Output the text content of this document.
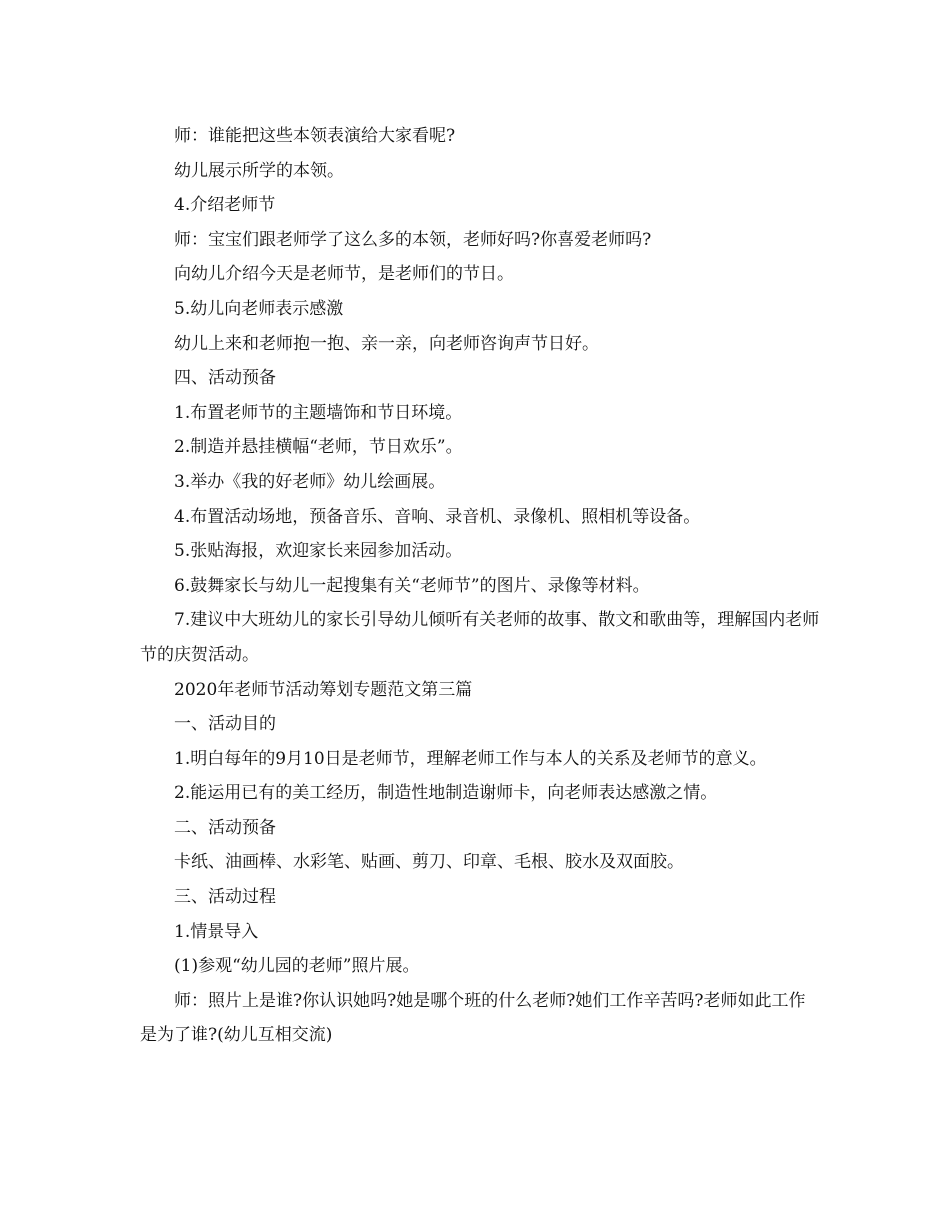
师：谁能把这些本领表演给大家看呢?

幼儿展示所学的本领。

4.介绍老师节

师：宝宝们跟老师学了这么多的本领，老师好吗?你喜爱老师吗?

向幼儿介绍今天是老师节，是老师们的节日。

5.幼儿向老师表示感激

幼儿上来和老师抱一抱、亲一亲，向老师咨询声节日好。

四、活动预备

1.布置老师节的主题墙饰和节日环境。

2.制造并悬挂横幅“老师，节日欢乐”。

3.举办《我的好老师》幼儿绘画展。

4.布置活动场地，预备音乐、音响、录音机、录像机、照相机等设备。

5.张贴海报，欢迎家长来园参加活动。

6.鼓舞家长与幼儿一起搜集有关“老师节”的图片、录像等材料。

7.建议中大班幼儿的家长引导幼儿倾听有关老师的故事、散文和歌曲等，理解国内老师节的庆贺活动。

2020年老师节活动筹划专题范文第三篇

一、活动目的

1.明白每年的9月10日是老师节，理解老师工作与本人的关系及老师节的意义。

2.能运用已有的美工经历，制造性地制造谢师卡，向老师表达感激之情。

二、活动预备

卡纸、油画棒、水彩笔、贴画、剪刀、印章、毛根、胶水及双面胶。

三、活动过程

1.情景导入

(1)参观“幼儿园的老师”照片展。

师：照片上是谁?你认识她吗?她是哪个班的什么老师?她们工作辛苦吗?老师如此工作是为了谁?(幼儿互相交流)
